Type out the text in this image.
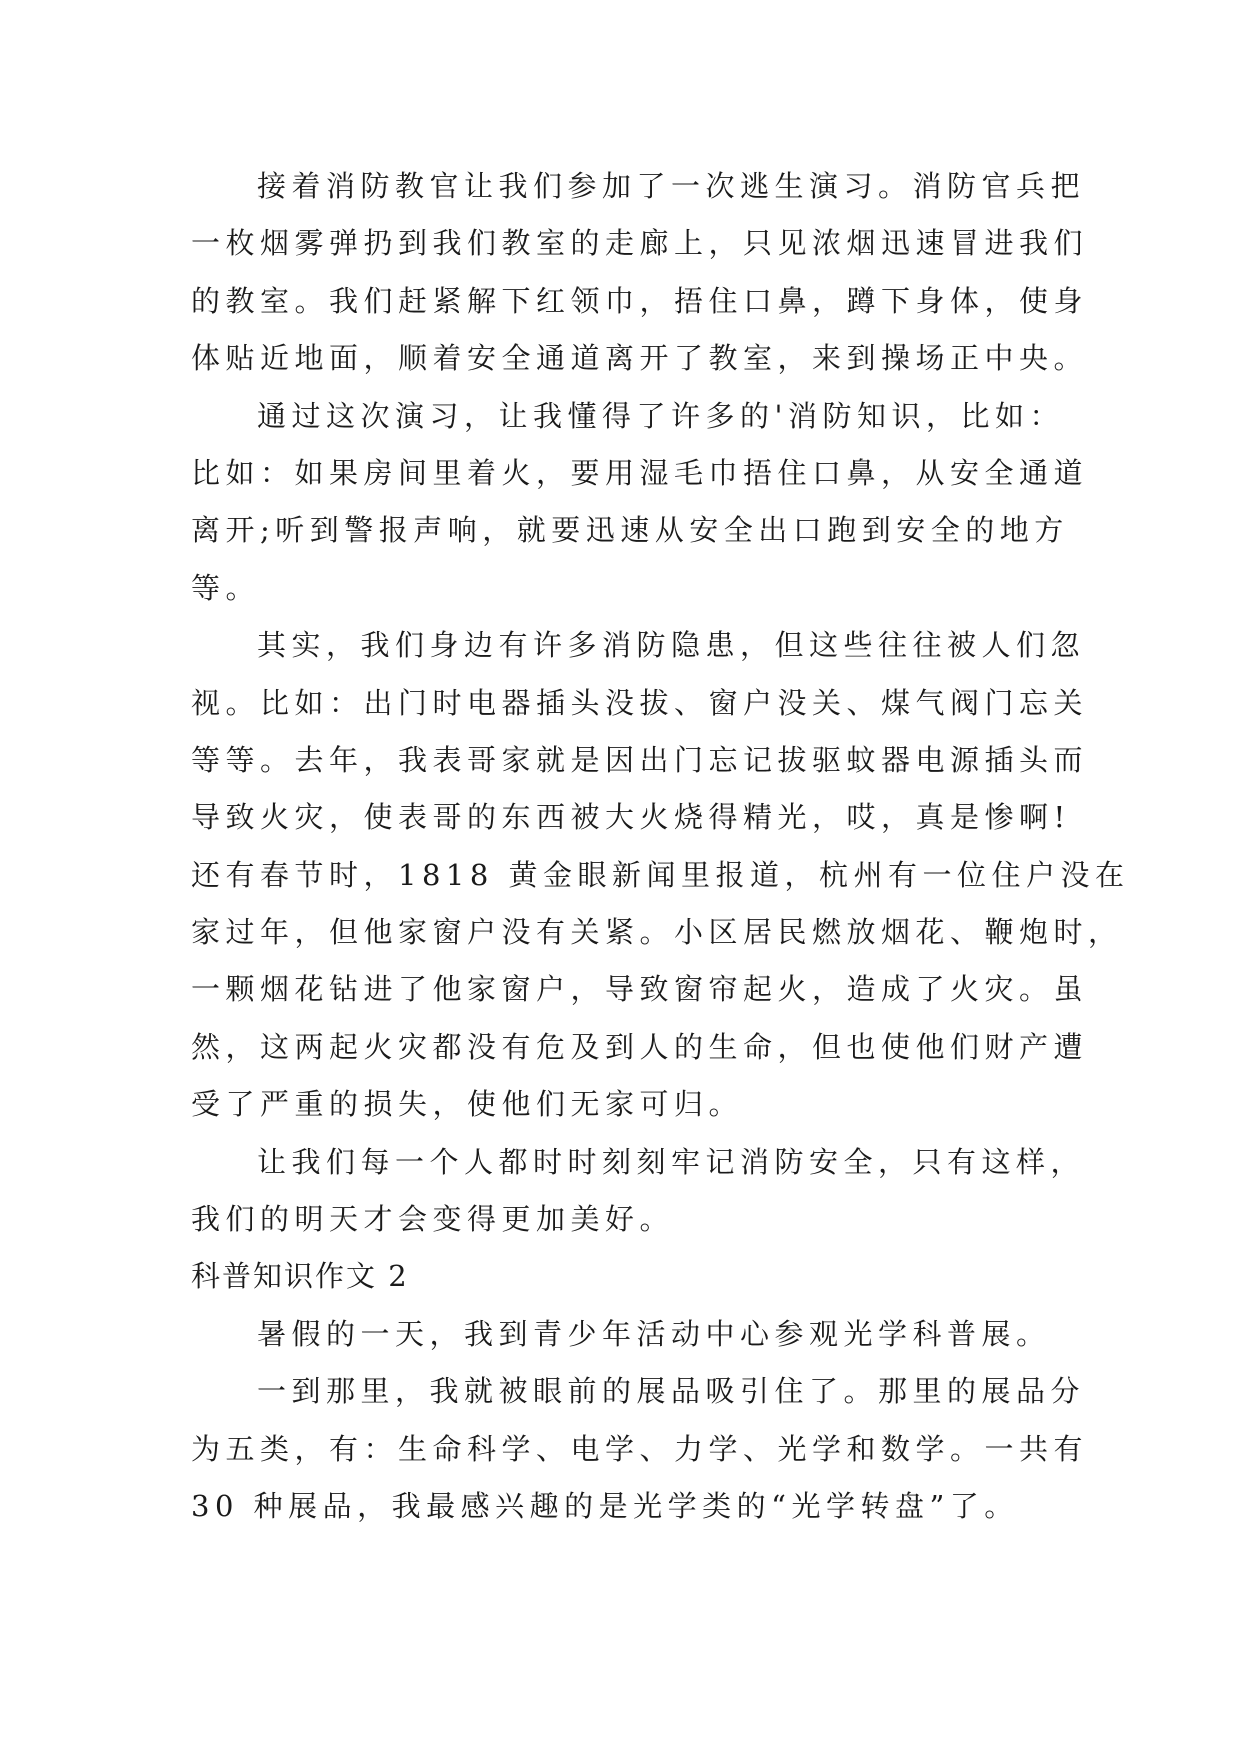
接着消防教官让我们参加了一次逃生演习。消防官兵把
一枚烟雾弹扔到我们教室的走廊上，只见浓烟迅速冒进我们
的教室。我们赶紧解下红领巾，捂住口鼻，蹲下身体，使身
体贴近地面，顺着安全通道离开了教室，来到操场正中央。
通过这次演习，让我懂得了许多的'消防知识，比如：
比如：如果房间里着火，要用湿毛巾捂住口鼻，从安全通道
离开;听到警报声响，就要迅速从安全出口跑到安全的地方
等。
其实，我们身边有许多消防隐患，但这些往往被人们忽
视。比如：出门时电器插头没拔、窗户没关、煤气阀门忘关
等等。去年，我表哥家就是因出门忘记拔驱蚊器电源插头而
导致火灾，使表哥的东西被大火烧得精光，哎，真是惨啊!
还有春节时，1818 黄金眼新闻里报道，杭州有一位住户没在
家过年，但他家窗户没有关紧。小区居民燃放烟花、鞭炮时，
一颗烟花钻进了他家窗户，导致窗帘起火，造成了火灾。虽
然，这两起火灾都没有危及到人的生命，但也使他们财产遭
受了严重的损失，使他们无家可归。
让我们每一个人都时时刻刻牢记消防安全，只有这样，
我们的明天才会变得更加美好。
科普知识作文 2
暑假的一天，我到青少年活动中心参观光学科普展。
一到那里，我就被眼前的展品吸引住了。那里的展品分
为五类，有：生命科学、电学、力学、光学和数学。一共有
30 种展品，我最感兴趣的是光学类的“光学转盘”了。
